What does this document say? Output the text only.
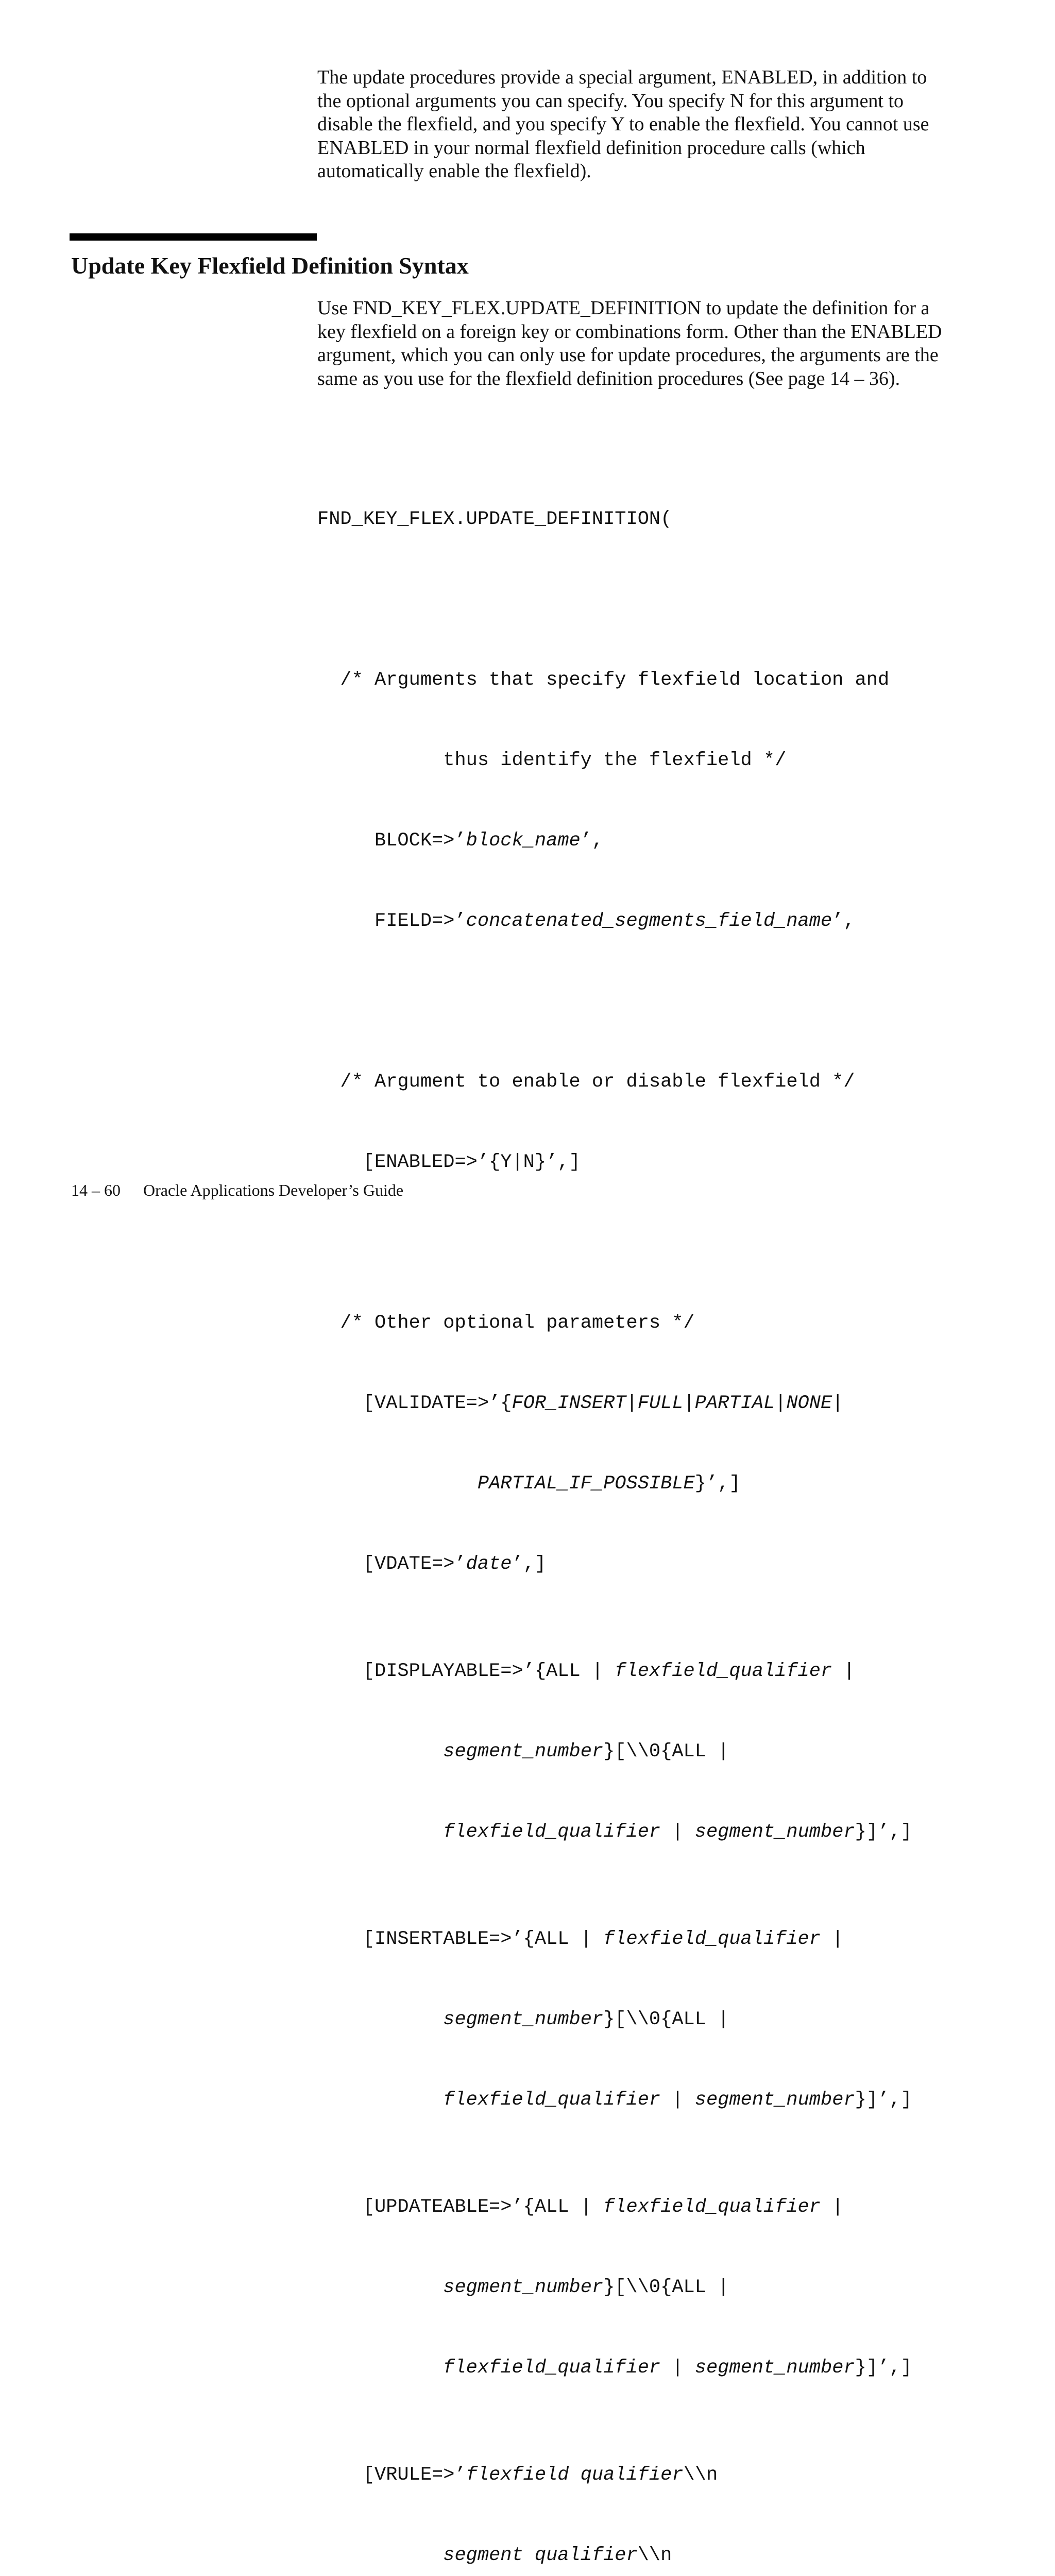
The update procedures provide a special argument, ENABLED, in addition to the optional arguments you can specify. You specify N for this argument to disable the flexfield, and you specify Y to enable the flexfield. You cannot use ENABLED in your normal flexfield definition procedure calls (which automatically enable the flexfield).
Update Key Flexfield Definition Syntax
Use FND_KEY_FLEX.UPDATE_DEFINITION to update the definition for a key flexfield on a foreign key or combinations form. Other than the ENABLED argument, which you can only use for update procedures, the arguments are the same as you use for the flexfield definition procedures (See page 14 – 36).

FND_KEY_FLEX.UPDATE_DEFINITION(

/* Arguments that specify flexfield location and

thus identify the flexfield */

BLOCK=>’block_name’,

FIELD=>’concatenated_segments_field_name’,

/* Argument to enable or disable flexfield */

[ENABLED=>’{Y|N}’,]

/* Other optional parameters */

[VALIDATE=>’{FOR_INSERT|FULL|PARTIAL|NONE|

PARTIAL_IF_POSSIBLE}’,]

[VDATE=>’date’,]

[DISPLAYABLE=>’{ALL | flexfield_qualifier |

segment_number}[\\0{ALL |

flexfield_qualifier | segment_number}]’,]

[INSERTABLE=>’{ALL | flexfield_qualifier |

segment_number}[\\0{ALL |

flexfield_qualifier | segment_number}]’,]

[UPDATEABLE=>’{ALL | flexfield_qualifier |

segment_number}[\\0{ALL |

flexfield_qualifier | segment_number}]’,]

[VRULE=>’flexfield qualifier\\n

segment qualifier\\n

14 – 60 Oracle Applications Developer’s Guide
